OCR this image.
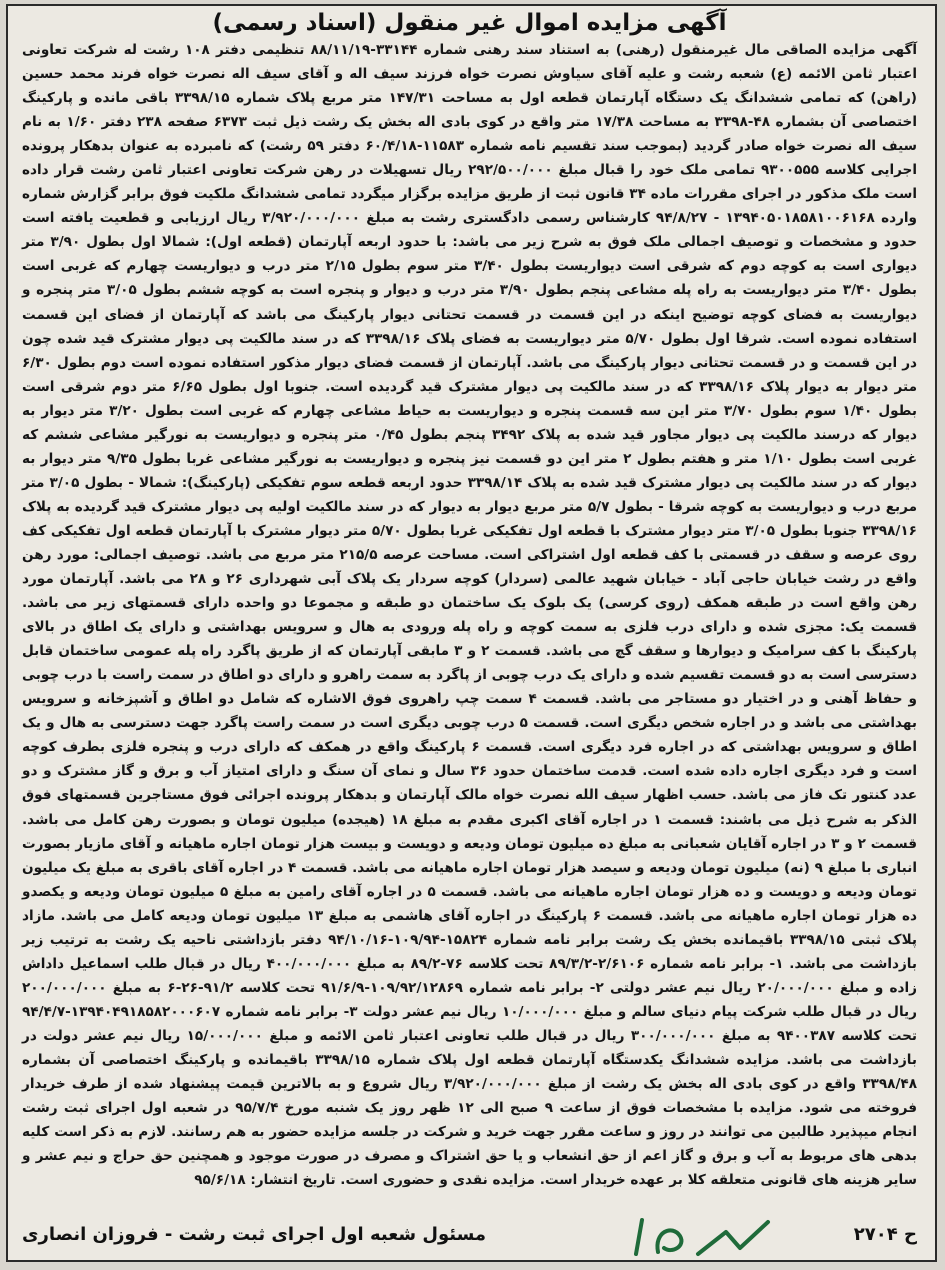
آگهی مزایده اموال غیر منقول (اسناد رسمی)

آگهی مزایده الصاقی مال غیرمنقول (رهنی) به استناد سند رهنی شماره ۳۳۱۴۴-۸۸/۱۱/۱۹ تنظیمی دفتر ۱۰۸ رشت له شرکت تعاونی اعتبار ثامن الائمه (ع) شعبه رشت و علیه آقای سیاوش نصرت خواه فرزند سیف اله و آقای سیف اله نصرت خواه فرند محمد حسین (راهن) که تمامی ششدانگ یک دستگاه آپارتمان قطعه اول به مساحت ۱۴۷/۳۱ متر مربع پلاک شماره ۳۳۹۸/۱۵ باقی مانده و پارکینگ اختصاصی آن بشماره ۴۸-۳۳۹۸ به مساحت ۱۷/۳۸ متر واقع در کوی بادی اله بخش یک رشت ذیل ثبت ۶۳۷۳ صفحه ۲۳۸ دفتر ۱/۶۰ به نام سیف اله نصرت خواه صادر گردید (بموجب سند تقسیم نامه شماره ۱۱۵۸۳-۶۰/۴/۱۸ دفتر ۵۹ رشت) که نامبرده به عنوان بدهکار پرونده اجرایی کلاسه ۹۳۰۰۵۵۵ تمامی ملک خود را قبال مبلغ ۲۹۲/۵۰۰/۰۰۰ ریال تسهیلات در رهن شرکت تعاونی اعتبار ثامن رشت قرار داده است ملک مذکور در اجرای مقررات ماده ۳۴ قانون ثبت از طریق مزایده برگزار میگردد تمامی ششدانگ ملکیت فوق برابر گزارش شماره وارده ۱۳۹۴۰۵۰۱۸۵۸۱۰۰۶۱۶۸ - ۹۴/۸/۲۷ کارشناس رسمی دادگستری رشت به مبلغ ۳/۹۲۰/۰۰۰/۰۰۰ ریال ارزیابی و قطعیت یافته است حدود و مشخصات و توصیف اجمالی ملک فوق به شرح زیر می باشد: با حدود اربعه آپارتمان (قطعه اول): شمالا اول بطول ۳/۹۰ متر دیواری است به کوچه دوم که شرقی است دیواریست بطول ۳/۴۰ متر سوم بطول ۲/۱۵ متر درب و دیواریست چهارم که غربی است بطول ۳/۴۰ متر دیواریست به راه پله مشاعی پنجم بطول ۳/۹۰ متر درب و دیوار و پنجره است به کوچه ششم بطول ۳/۰۵ متر پنجره و دیواریست به فضای کوچه توضیح اینکه در این قسمت در قسمت تحتانی دیوار پارکینگ می باشد که آپارتمان از فضای این قسمت استفاده نموده است. شرقا اول بطول ۵/۷۰ متر دیواریست به فضای پلاک ۳۳۹۸/۱۶ که در سند مالکیت پی دیوار مشترک قید شده چون در این قسمت و در قسمت تحتانی دیوار پارکینگ می باشد. آپارتمان از قسمت فضای دیوار مذکور استفاده نموده است دوم بطول ۶/۳۰ متر دیوار به دیوار پلاک ۳۳۹۸/۱۶ که در سند مالکیت پی دیوار مشترک قید گردیده است. جنوبا اول بطول ۶/۶۵ متر دوم شرقی است بطول ۱/۴۰ سوم بطول ۳/۷۰ متر این سه قسمت پنجره و دیواریست به حیاط مشاعی چهارم که غربی است بطول ۳/۲۰ متر دیوار به دیوار که درسند مالکیت پی دیوار مجاور قید شده به پلاک ۳۴۹۲ پنجم بطول ۰/۴۵ متر پنجره و دیواریست به نورگیر مشاعی ششم که غربی است بطول ۱/۱۰ متر و هفتم بطول ۲ متر این دو قسمت نیز پنجره و دیواریست به نورگیر مشاعی غربا بطول ۹/۳۵ متر دیوار به دیوار که در سند مالکیت پی دیوار مشترک قید شده به پلاک ۳۳۹۸/۱۴ حدود اربعه قطعه سوم تفکیکی (پارکینگ): شمالا - بطول ۳/۰۵ متر مربع درب و دیواریست به کوچه شرقا - بطول ۵/۷ متر مربع دیوار به دیوار که در سند مالکیت اولیه پی دیوار مشترک قید گردیده به پلاک ۳۳۹۸/۱۶ جنوبا بطول ۳/۰۵ متر دیوار مشترک با قطعه اول تفکیکی غربا بطول ۵/۷۰ متر دیوار مشترک با آپارتمان قطعه اول تفکیکی کف روی عرصه و سقف در قسمتی با کف قطعه اول اشتراکی است. مساحت عرصه ۲۱۵/۵ متر مربع می باشد. توصیف اجمالی: مورد رهن واقع در رشت خیابان حاجی آباد - خیابان شهید عالمی (سردار) کوچه سردار یک پلاک آبی شهرداری ۲۶ و ۲۸ می باشد. آپارتمان مورد رهن واقع است در طبقه همکف (روی کرسی) یک بلوک یک ساختمان دو طبقه و مجموعا دو واحده دارای قسمتهای زیر می باشد. قسمت یک: مجزی شده و دارای درب فلزی به سمت کوچه و راه پله ورودی به هال و سرویس بهداشتی و دارای یک اطاق در بالای پارکینگ با کف سرامیک و دیوارها و سقف گچ می باشد. قسمت ۲ و ۳ مابقی آپارتمان که از طریق پاگرد راه پله عمومی ساختمان قابل دسترسی است به دو قسمت تقسیم شده و دارای یک درب چوبی از پاگرد به سمت راهرو و دارای دو اطاق در سمت راست با درب چوبی و حفاظ آهنی و در اختیار دو مستاجر می باشد. قسمت ۴ سمت چپ راهروی فوق الاشاره که شامل دو اطاق و آشپزخانه و سرویس بهداشتی می باشد و در اجاره شخص دیگری است. قسمت ۵ درب چوبی دیگری است در سمت راست پاگرد جهت دسترسی به هال و یک اطاق و سرویس بهداشتی که در اجاره فرد دیگری است. قسمت ۶ پارکینگ واقع در همکف که دارای درب و پنجره فلزی بطرف کوچه است و فرد دیگری اجاره داده شده است. قدمت ساختمان حدود ۳۶ سال و نمای آن سنگ و دارای امتیاز آب و برق و گاز مشترک و دو عدد کنتور تک فاز می باشد. حسب اظهار سیف الله نصرت خواه مالک آپارتمان و بدهکار پرونده اجرائی فوق مستاجرین قسمتهای فوق الذکر به شرح ذیل می باشند: قسمت ۱ در اجاره آقای اکبری مقدم به مبلغ ۱۸ (هیجده) میلیون تومان و بصورت رهن کامل می باشد. قسمت ۲ و ۳ در اجاره آقایان شعبانی به مبلغ ده میلیون تومان ودیعه و دویست و بیست هزار تومان اجاره ماهیانه و آقای مازیار بصورت انباری با مبلغ ۹ (نه) میلیون تومان ودیعه و سیصد هزار تومان اجاره ماهیانه می باشد. قسمت ۴ در اجاره آقای باقری به مبلغ یک میلیون تومان ودیعه و دویست و ده هزار تومان اجاره ماهیانه می باشد. قسمت ۵ در اجاره آقای رامین به مبلغ ۵ میلیون تومان ودیعه و یکصدو ده هزار تومان اجاره ماهیانه می باشد. قسمت ۶ پارکینگ در اجاره آقای هاشمی به مبلغ ۱۳ میلیون تومان ودیعه کامل می باشد. مازاد پلاک ثبتی ۳۳۹۸/۱۵ باقیمانده بخش یک رشت برابر نامه شماره ۱۵۸۲۴-۱۰۹/۹۴-۹۴/۱۰/۱۶ دفتر بازداشتی ناحیه یک رشت به ترتیب زیر بازداشت می باشد. ۱- برابر نامه شماره ۲/۶۱۰۶-۸۹/۳/۲ تحت کلاسه ۷۶-۸۹/۲ به مبلغ ۴۰۰/۰۰۰/۰۰۰ ریال در قبال طلب اسماعیل داداش زاده و مبلغ ۲۰/۰۰۰/۰۰۰ ریال نیم عشر دولتی ۲- برابر نامه شماره ۱۰۹/۹۲/۱۲۸۶۹-۹۱/۶/۹ تحت کلاسه ۹۱/۲-۲۶-۶ به مبلغ ۲۰۰/۰۰۰/۰۰۰ ریال در قبال طلب شرکت پیام دنیای سالم و مبلغ ۱۰/۰۰۰/۰۰۰ ریال نیم عشر دولت ۳- برابر نامه شماره ۱۳۹۴۰۴۹۱۸۵۸۲۰۰۰۶۰۷-۹۴/۴/۷ تحت کلاسه ۹۴۰۰۳۸۷ به مبلغ ۳۰۰/۰۰۰/۰۰۰ ریال در قبال طلب تعاونی اعتبار ثامن الائمه و مبلغ ۱۵/۰۰۰/۰۰۰ ریال نیم عشر دولت در بازداشت می باشد. مزایده ششدانگ یکدستگاه آپارتمان قطعه اول پلاک شماره ۳۳۹۸/۱۵ باقیمانده و پارکینگ اختصاصی آن بشماره ۳۳۹۸/۴۸ واقع در کوی بادی اله بخش یک رشت از مبلغ ۳/۹۲۰/۰۰۰/۰۰۰ ریال شروع و به بالاترین قیمت پیشنهاد شده از طرف خریدار فروخته می شود. مزایده با مشخصات فوق از ساعت ۹ صبح الی ۱۲ ظهر روز یک شنبه مورخ ۹۵/۷/۴ در شعبه اول اجرای ثبت رشت انجام میپذیرد طالبین می توانند در روز و ساعت مقرر جهت خرید و شرکت در جلسه مزایده حضور به هم رسانند. لازم به ذکر است کلیه بدهی های مربوط به آب و برق و گاز اعم از حق انشعاب و یا حق اشتراک و مصرف در صورت موجود و همچنین حق حراج و نیم عشر و سایر هزینه های قانونی متعلقه کلا بر عهده خریدار است. مزایده نقدی و حضوری است. تاریخ انتشار: ۹۵/۶/۱۸

ح ۲۷۰۴
مسئول شعبه اول اجرای ثبت رشت - فروزان انصاری
